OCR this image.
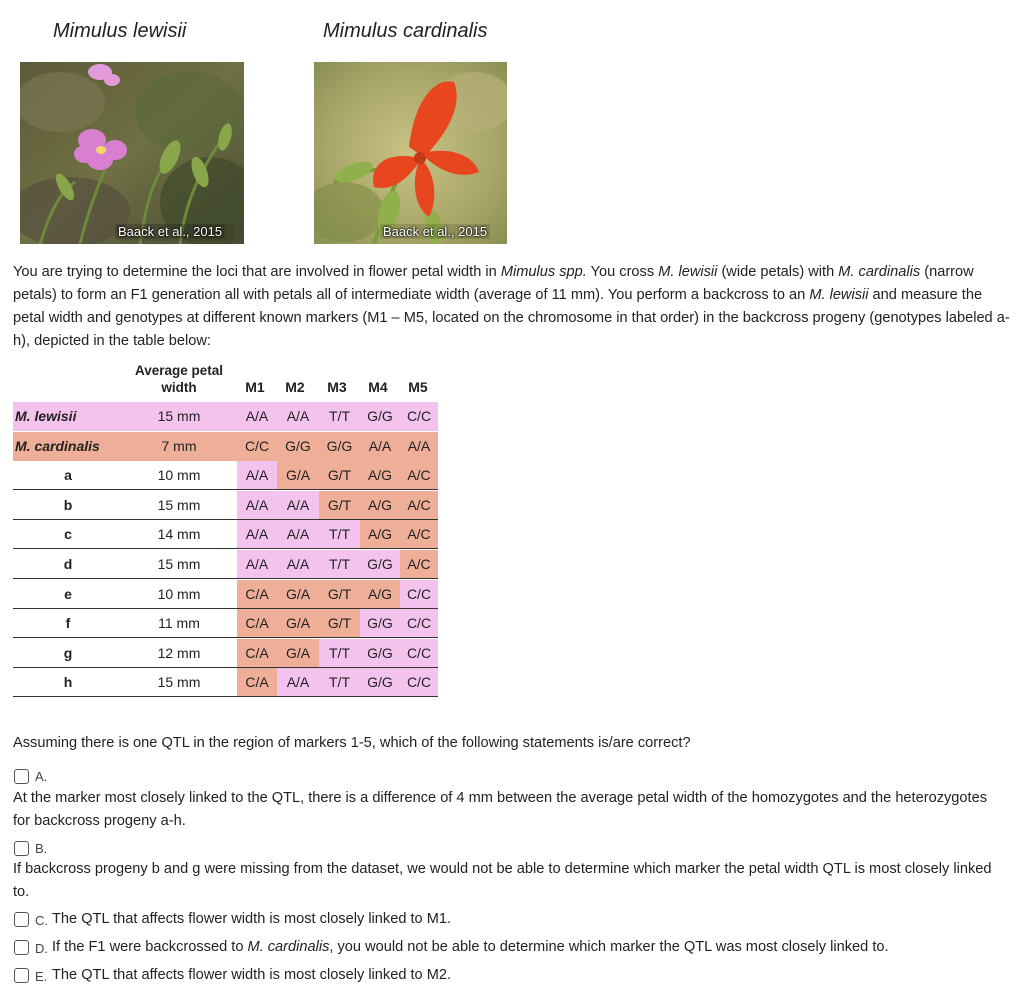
Mimulus lewisii	Mimulus cardinalis
Baack et al., 2015	Baack et al., 2015
You are trying to determine the loci that are involved in flower petal width in Mimulus spp. You cross M. lewisii (wide petals) with M. cardinalis (narrow petals) to form an F1 generation all with petals all of intermediate width (average of 11 mm). You perform a backcross to an M. lewisii and measure the petal width and genotypes at different known markers (M1 – M5, located on the chromosome in that order) in the backcross progeny (genotypes labeled a-h), depicted in the table below:
Average petal
width	M1	M2	M3	M4	M5
M. lewisii	15 mm	A/A	A/A	T/T	G/G	C/C
M. cardinalis	7 mm	C/C	G/G	G/G	A/A	A/A
a	10 mm	A/A	G/A	G/T	A/G	A/C
b	15 mm	A/A	A/A	G/T	A/G	A/C
c	14 mm	A/A	A/A	T/T	A/G	A/C
d	15 mm	A/A	A/A	T/T	G/G	A/C
e	10 mm	C/A	G/A	G/T	A/G	C/C
f	11 mm	C/A	G/A	G/T	G/G	C/C
g	12 mm	C/A	G/A	T/T	G/G	C/C
h	15 mm	C/A	A/A	T/T	G/G	C/C
Assuming there is one QTL in the region of markers 1-5, which of the following statements is/are correct?
A.
At the marker most closely linked to the QTL, there is a difference of 4 mm between the average petal width of the homozygotes and the heterozygotes for backcross progeny a-h.
B.
If backcross progeny b and g were missing from the dataset, we would not be able to determine which marker the petal width QTL is most closely linked to.
C. The QTL that affects flower width is most closely linked to M1.
D. If the F1 were backcrossed to M. cardinalis, you would not be able to determine which marker the QTL was most closely linked to.
E. The QTL that affects flower width is most closely linked to M2.
